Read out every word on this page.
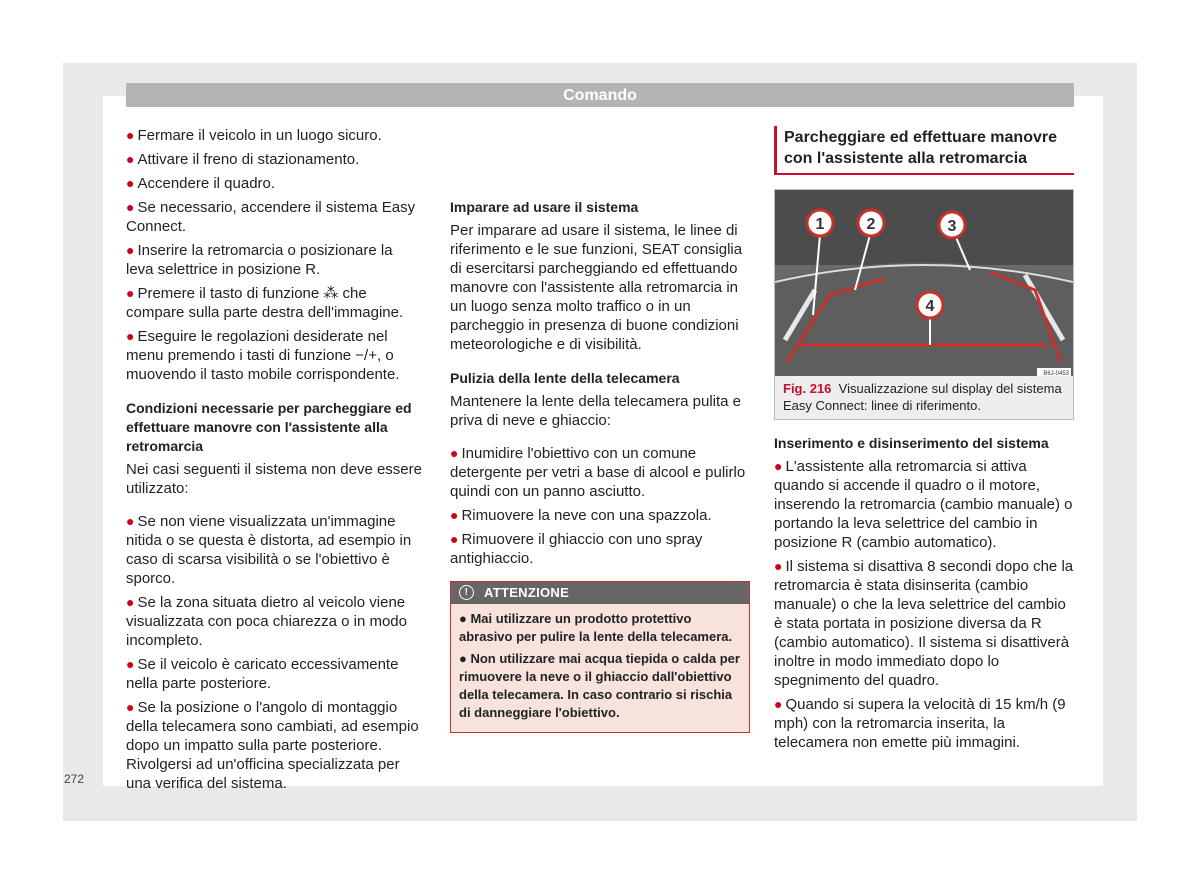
Comando
● Fermare il veicolo in un luogo sicuro.
● Attivare il freno di stazionamento.
● Accendere il quadro.
● Se necessario, accendere il sistema Easy Connect.
● Inserire la retromarcia o posizionare la leva selettrice in posizione R.
● Premere il tasto di funzione ⁂ che compare sulla parte destra dell'immagine.
● Eseguire le regolazioni desiderate nel menu premendo i tasti di funzione −/+, o muovendo il tasto mobile corrispondente.
Condizioni necessarie per parcheggiare ed effettuare manovre con l'assistente alla retromarcia

Nei casi seguenti il sistema non deve essere utilizzato:

● Se non viene visualizzata un'immagine nitida o se questa è distorta, ad esempio in caso di scarsa visibilità o se l'obiettivo è sporco.
● Se la zona situata dietro al veicolo viene visualizzata con poca chiarezza o in modo incompleto.
● Se il veicolo è caricato eccessivamente nella parte posteriore.
● Se la posizione o l'angolo di montaggio della telecamera sono cambiati, ad esempio dopo un impatto sulla parte posteriore. Rivolgersi ad un'officina specializzata per una verifica del sistema.
Imparare ad usare il sistema

Per imparare ad usare il sistema, le linee di riferimento e le sue funzioni, SEAT consiglia di esercitarsi parcheggiando ed effettuando manovre con l'assistente alla retromarcia in un luogo senza molto traffico o in un parcheggio in presenza di buone condizioni meteorologiche e di visibilità.

Pulizia della lente della telecamera

Mantenere la lente della telecamera pulita e priva di neve e ghiaccio:

● Inumidire l'obiettivo con un comune detergente per vetri a base di alcool e pulirlo quindi con un panno asciutto.
● Rimuovere la neve con una spazzola.
● Rimuovere il ghiaccio con uno spray antighiaccio.
! ATTENZIONE

● Mai utilizzare un prodotto protettivo abrasivo per pulire la lente della telecamera.

● Non utilizzare mai acqua tiepida o calda per rimuovere la neve o il ghiaccio dall'obiettivo della telecamera. In caso contrario si rischia di danneggiare l'obiettivo.

Parcheggiare ed effettuare manovre con l'assistente alla retromarcia
1	2	3
4
B6J-0453
Fig. 216 Visualizzazione sul display del sistema Easy Connect: linee di riferimento.
Inserimento e disinserimento del sistema
● L'assistente alla retromarcia si attiva quando si accende il quadro o il motore, inserendo la retromarcia (cambio manuale) o portando la leva selettrice del cambio in posizione R (cambio automatico).
● Il sistema si disattiva 8 secondi dopo che la retromarcia è stata disinserita (cambio manuale) o che la leva selettrice del cambio è stata portata in posizione diversa da R (cambio automatico). Il sistema si disattiverà inoltre in modo immediato dopo lo spegnimento del quadro.
● Quando si supera la velocità di 15 km/h (9 mph) con la retromarcia inserita, la telecamera non emette più immagini.
272
